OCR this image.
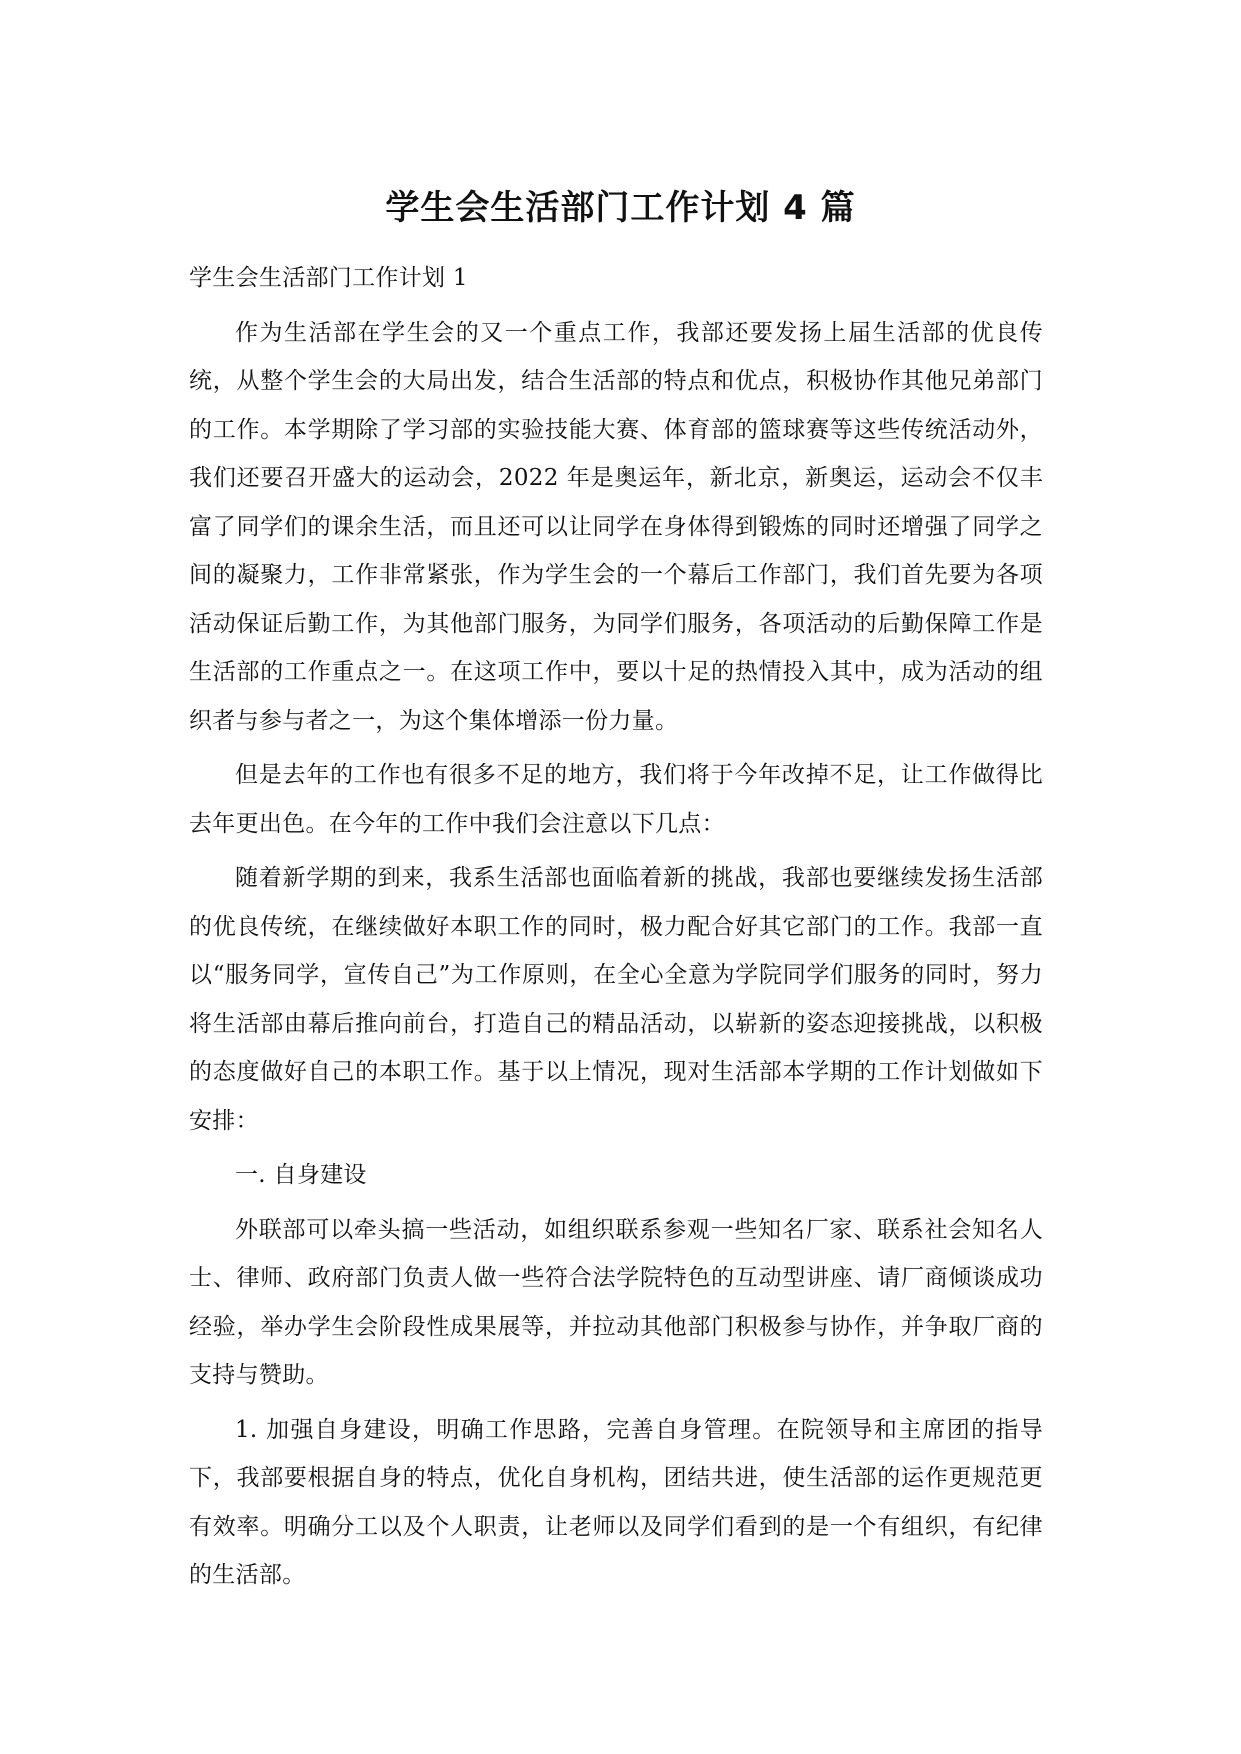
学生会生活部门工作计划 4 篇

学生会生活部门工作计划 1

作为生活部在学生会的又一个重点工作，我部还要发扬上届生活部的优良传统，从整个学生会的大局出发，结合生活部的特点和优点，积极协作其他兄弟部门的工作。本学期除了学习部的实验技能大赛、体育部的篮球赛等这些传统活动外，我们还要召开盛大的运动会，2022 年是奥运年，新北京，新奥运，运动会不仅丰富了同学们的课余生活，而且还可以让同学在身体得到锻炼的同时还增强了同学之间的凝聚力，工作非常紧张，作为学生会的一个幕后工作部门，我们首先要为各项活动保证后勤工作，为其他部门服务，为同学们服务，各项活动的后勤保障工作是生活部的工作重点之一。在这项工作中，要以十足的热情投入其中，成为活动的组织者与参与者之一，为这个集体增添一份力量。

但是去年的工作也有很多不足的地方，我们将于今年改掉不足，让工作做得比去年更出色。在今年的工作中我们会注意以下几点：

随着新学期的到来，我系生活部也面临着新的挑战，我部也要继续发扬生活部的优良传统，在继续做好本职工作的同时，极力配合好其它部门的工作。我部一直以“服务同学，宣传自己”为工作原则，在全心全意为学院同学们服务的同时，努力将生活部由幕后推向前台，打造自己的精品活动，以崭新的姿态迎接挑战，以积极的态度做好自己的本职工作。基于以上情况，现对生活部本学期的工作计划做如下安排：

一. 自身建设

外联部可以牵头搞一些活动，如组织联系参观一些知名厂家、联系社会知名人士、律师、政府部门负责人做一些符合法学院特色的互动型讲座、请厂商倾谈成功经验，举办学生会阶段性成果展等，并拉动其他部门积极参与协作，并争取厂商的支持与赞助。

1. 加强自身建设，明确工作思路，完善自身管理。在院领导和主席团的指导下，我部要根据自身的特点，优化自身机构，团结共进，使生活部的运作更规范更有效率。明确分工以及个人职责，让老师以及同学们看到的是一个有组织，有纪律的生活部。
